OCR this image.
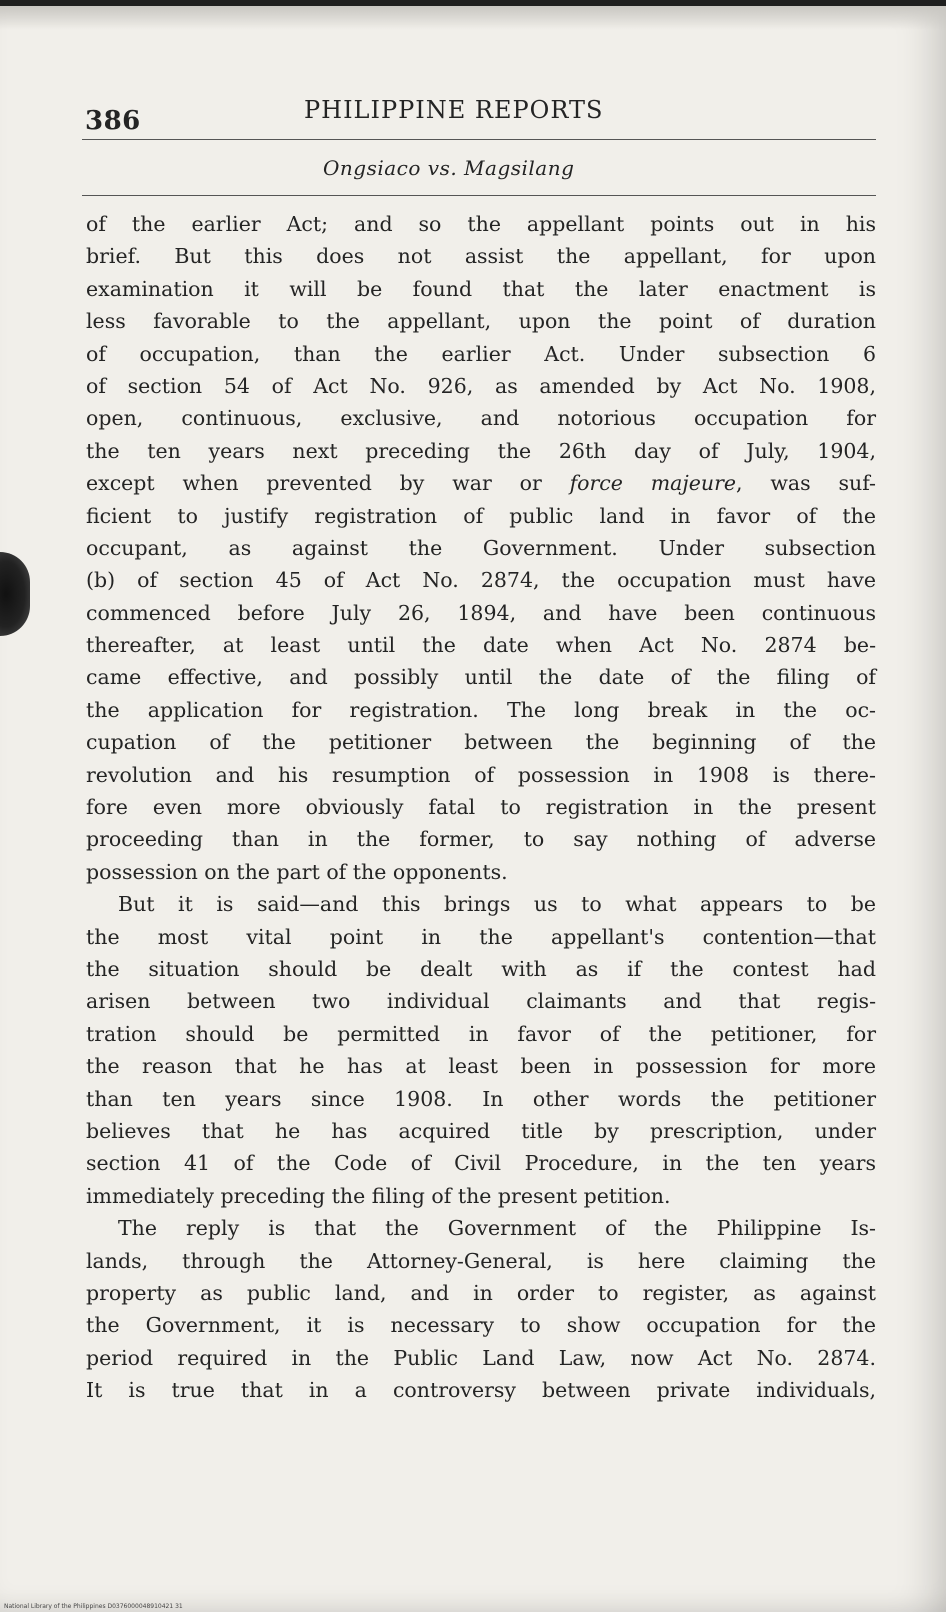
386	PHILIPPINE REPORTS
Ongsiaco vs. Magsilang
of the earlier Act; and so the appellant points out in his
brief. But this does not assist the appellant, for upon
examination it will be found that the later enactment is
less favorable to the appellant, upon the point of duration
of occupation, than the earlier Act. Under subsection 6
of section 54 of Act No. 926, as amended by Act No. 1908,
open, continuous, exclusive, and notorious occupation for
the ten years next preceding the 26th day of July, 1904,
except when prevented by war or force majeure, was suf-
ficient to justify registration of public land in favor of the
occupant, as against the Government. Under subsection
(b) of section 45 of Act No. 2874, the occupation must have
commenced before July 26, 1894, and have been continuous
thereafter, at least until the date when Act No. 2874 be-
came effective, and possibly until the date of the filing of
the application for registration. The long break in the oc-
cupation of the petitioner between the beginning of the
revolution and his resumption of possession in 1908 is there-
fore even more obviously fatal to registration in the present
proceeding than in the former, to say nothing of adverse
possession on the part of the opponents.
But it is said—and this brings us to what appears to be
the most vital point in the appellant's contention—that
the situation should be dealt with as if the contest had
arisen between two individual claimants and that regis-
tration should be permitted in favor of the petitioner, for
the reason that he has at least been in possession for more
than ten years since 1908. In other words the petitioner
believes that he has acquired title by prescription, under
section 41 of the Code of Civil Procedure, in the ten years
immediately preceding the filing of the present petition.
The reply is that the Government of the Philippine Is-
lands, through the Attorney-General, is here claiming the
property as public land, and in order to register, as against
the Government, it is necessary to show occupation for the
period required in the Public Land Law, now Act No. 2874.
It is true that in a controversy between private individuals,
National Library of the Philippines D0376000048910421 31
